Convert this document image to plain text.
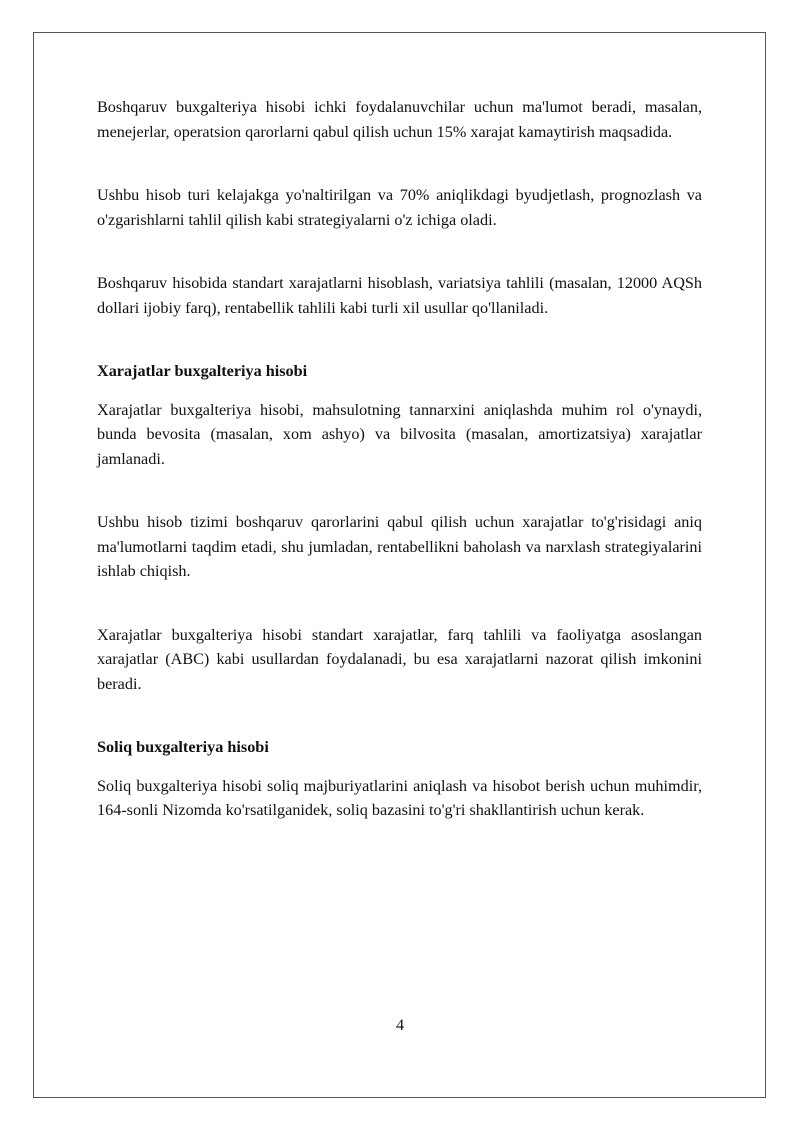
Boshqaruv buxgalteriya hisobi ichki foydalanuvchilar uchun ma'lumot beradi, masalan, menejerlar, operatsion qarorlarni qabul qilish uchun 15% xarajat kamaytirish maqsadida.

Ushbu hisob turi kelajakga yo'naltirilgan va 70% aniqlikdagi byudjetlash, prognozlash va o'zgarishlarni tahlil qilish kabi strategiyalarni o'z ichiga oladi.

Boshqaruv hisobida standart xarajatlarni hisoblash, variatsiya tahlili (masalan, 12000 AQSh dollari ijobiy farq), rentabellik tahlili kabi turli xil usullar qo'llaniladi.

Xarajatlar buxgalteriya hisobi

Xarajatlar buxgalteriya hisobi, mahsulotning tannarxini aniqlashda muhim rol o'ynaydi, bunda bevosita (masalan, xom ashyo) va bilvosita (masalan, amortizatsiya) xarajatlar jamlanadi.

Ushbu hisob tizimi boshqaruv qarorlarini qabul qilish uchun xarajatlar to'g'risidagi aniq ma'lumotlarni taqdim etadi, shu jumladan, rentabellikni baholash va narxlash strategiyalarini ishlab chiqish.

Xarajatlar buxgalteriya hisobi standart xarajatlar, farq tahlili va faoliyatga asoslangan xarajatlar (ABC) kabi usullardan foydalanadi, bu esa xarajatlarni nazorat qilish imkonini beradi.

Soliq buxgalteriya hisobi

Soliq buxgalteriya hisobi soliq majburiyatlarini aniqlash va hisobot berish uchun muhimdir, 164-sonli Nizomda ko'rsatilganidek, soliq bazasini to'g'ri shakllantirish uchun kerak.

4
